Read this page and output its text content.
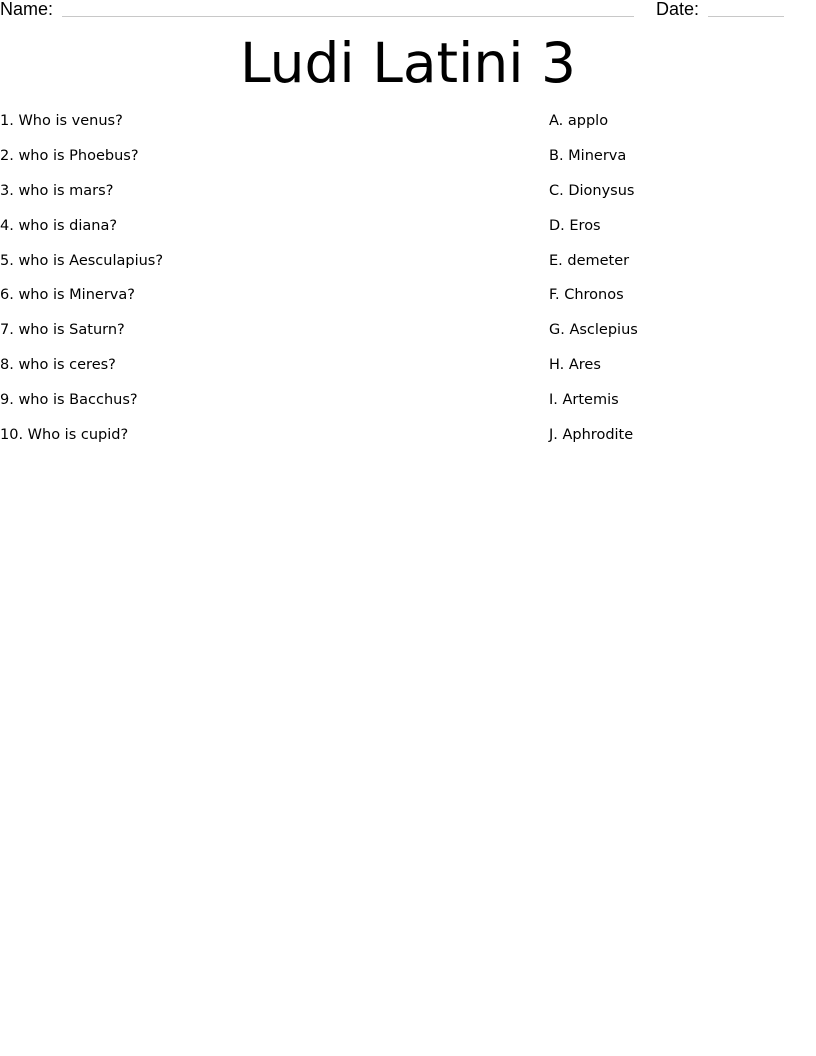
Name:	Date:
Ludi Latini 3
1. Who is venus?
2. who is Phoebus?
3. who is mars?
4. who is diana?
5. who is Aesculapius?
6. who is Minerva?
7. who is Saturn?
8. who is ceres?
9. who is Bacchus?
10. Who is cupid?
A. applo
B. Minerva
C. Dionysus
D. Eros
E. demeter
F. Chronos
G. Asclepius
H. Ares
I. Artemis
J. Aphrodite
